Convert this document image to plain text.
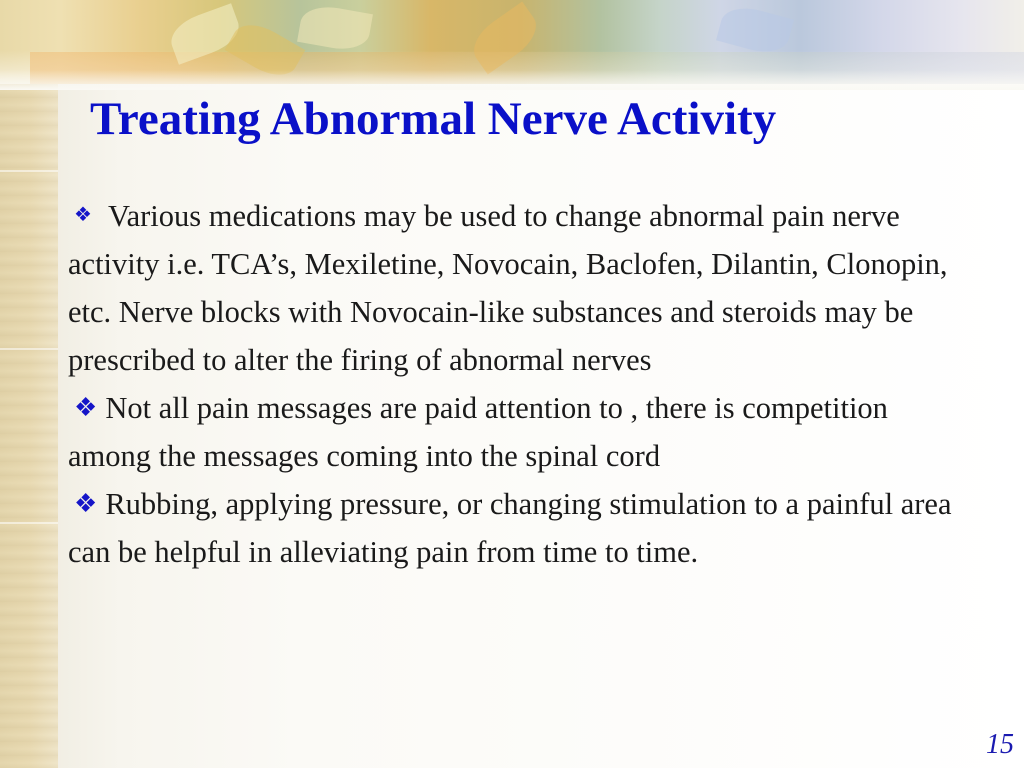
Treating Abnormal Nerve Activity

❖ Various medications may be used to change abnormal pain nerve activity i.e. TCA’s, Mexiletine, Novocain, Baclofen, Dilantin, Clonopin, etc. Nerve blocks with Novocain-like substances and steroids may be prescribed to alter the firing of abnormal nerves

❖ Not all pain messages are paid attention to , there is competition among the messages coming into the spinal cord

❖ Rubbing, applying pressure, or changing stimulation to a painful area can be helpful in alleviating pain from time to time.

15
